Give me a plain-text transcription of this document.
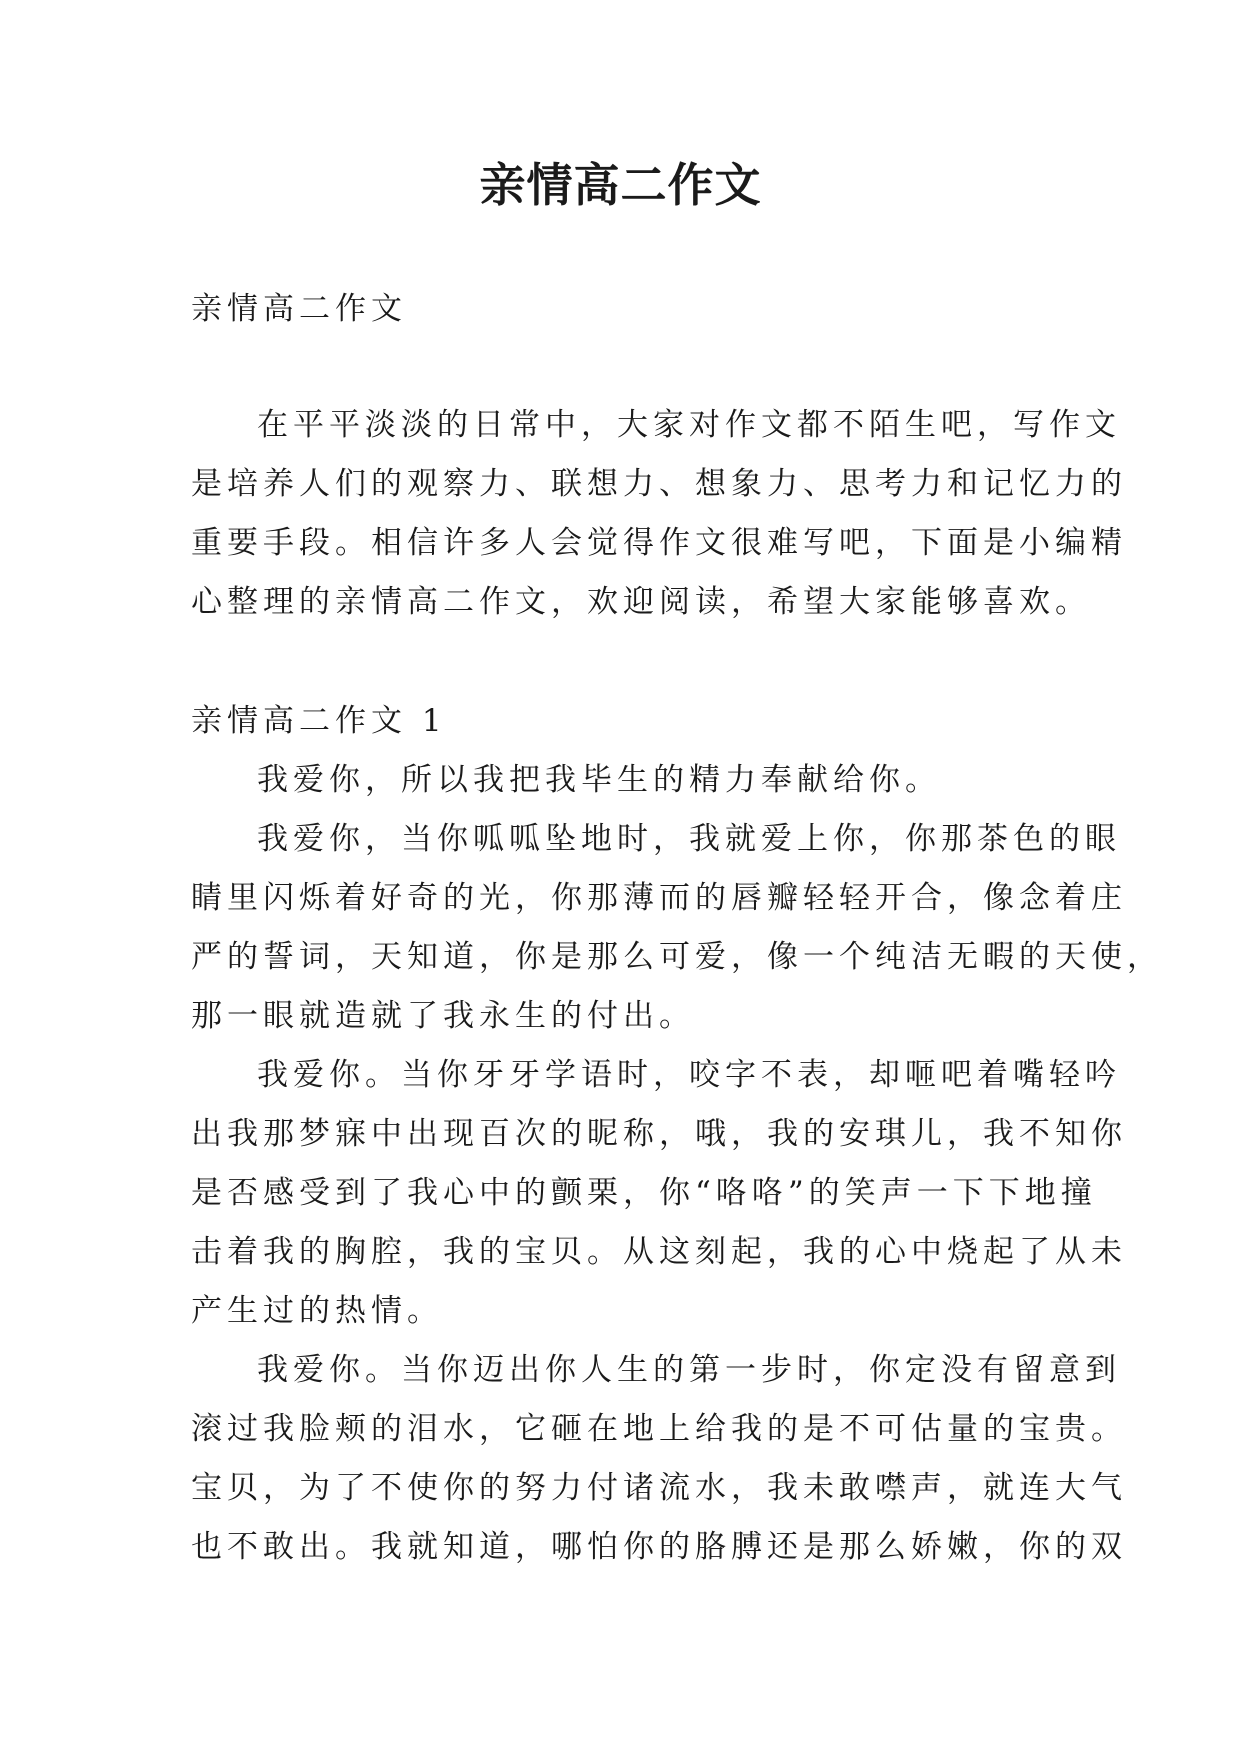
亲情高二作文

亲情高二作文

在平平淡淡的日常中，大家对作文都不陌生吧，写作文
是培养人们的观察力、联想力、想象力、思考力和记忆力的
重要手段。相信许多人会觉得作文很难写吧，下面是小编精
心整理的亲情高二作文，欢迎阅读，希望大家能够喜欢。

亲情高二作文 1

我爱你，所以我把我毕生的精力奉献给你。
我爱你，当你呱呱坠地时，我就爱上你，你那茶色的眼
睛里闪烁着好奇的光，你那薄而的唇瓣轻轻开合，像念着庄
严的誓词，天知道，你是那么可爱，像一个纯洁无暇的天使，
那一眼就造就了我永生的付出。
我爱你。当你牙牙学语时，咬字不表，却咂吧着嘴轻吟
出我那梦寐中出现百次的昵称，哦，我的安琪儿，我不知你
是否感受到了我心中的颤栗，你“咯咯”的笑声一下下地撞
击着我的胸腔，我的宝贝。从这刻起，我的心中烧起了从未
产生过的热情。
我爱你。当你迈出你人生的第一步时，你定没有留意到
滚过我脸颊的泪水，它砸在地上给我的是不可估量的宝贵。
宝贝，为了不使你的努力付诸流水，我未敢噤声，就连大气
也不敢出。我就知道，哪怕你的胳膊还是那么娇嫩，你的双
